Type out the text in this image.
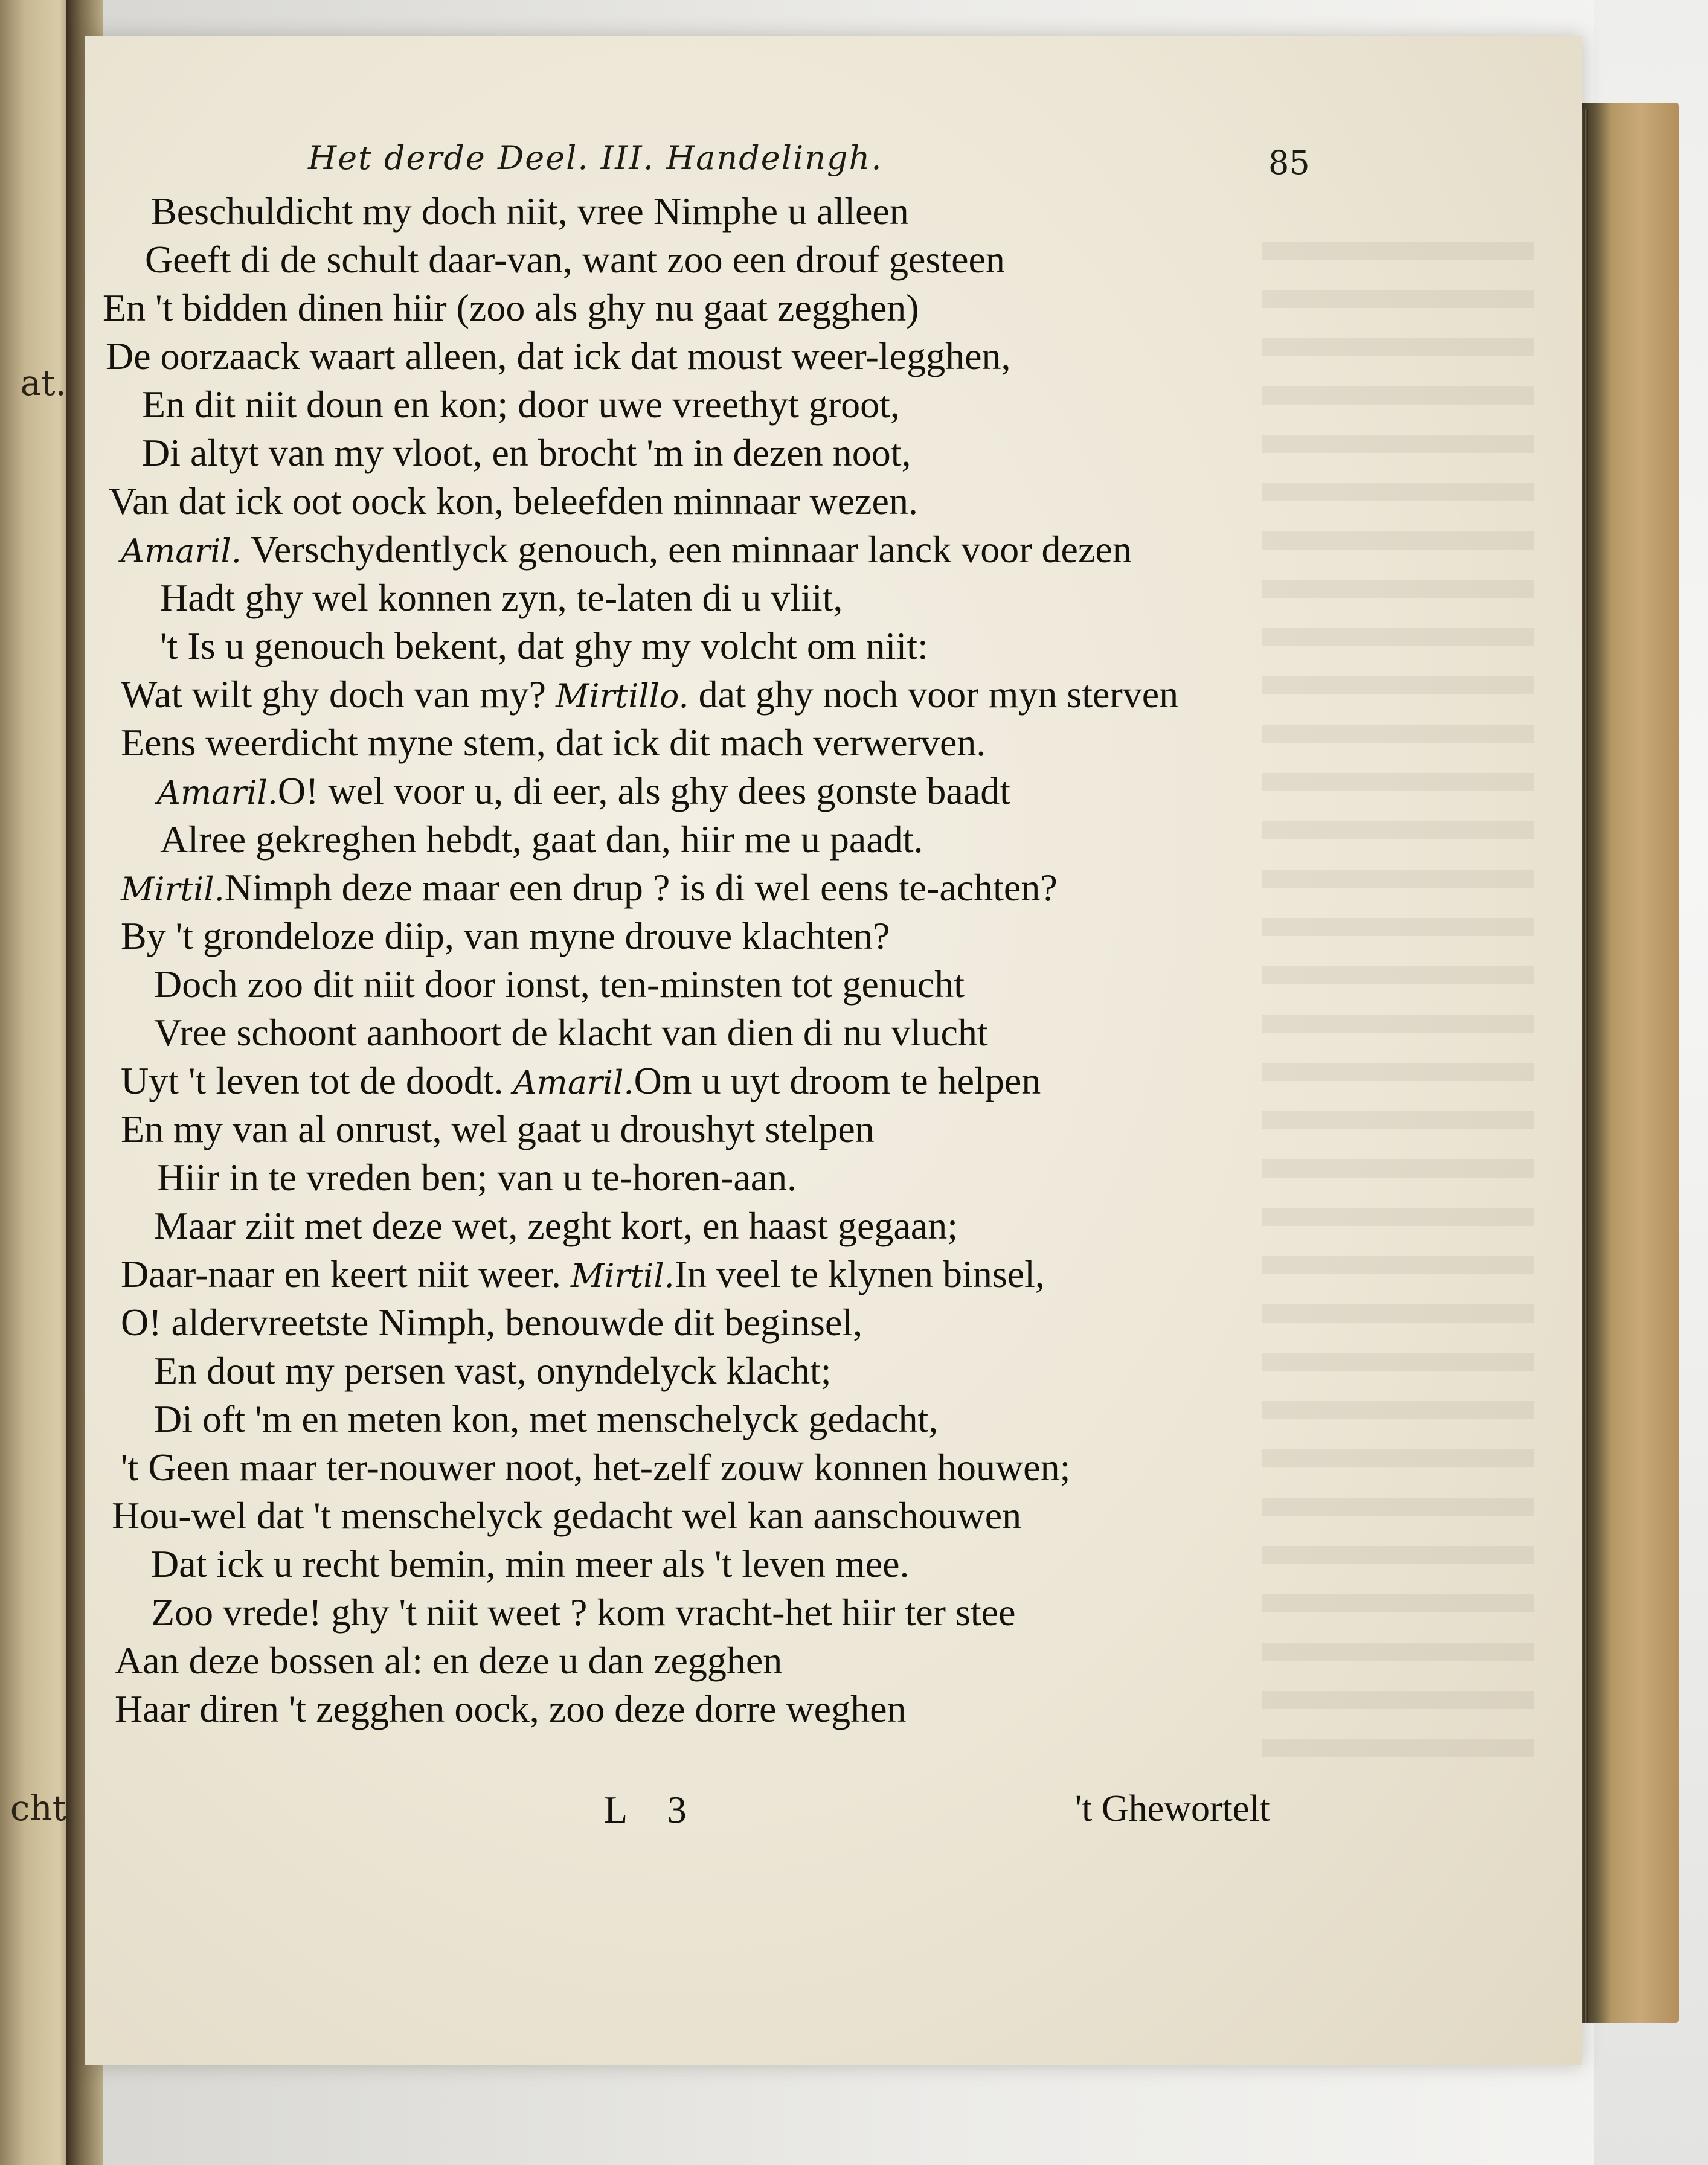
at.
cht
Het derde Deel. III. Handelingh.	85
Beschuldicht my doch niit, vree Nimphe u alleen
Geeft di de schult daar-van, want zoo een drouf gesteen
En 't bidden dinen hiir (zoo als ghy nu gaat zegghen)
De oorzaack waart alleen, dat ick dat moust weer-legghen,
En dit niit doun en kon; door uwe vreethyt groot,
Di altyt van my vloot, en brocht 'm in dezen noot,
Van dat ick oot oock kon, beleefden minnaar wezen.
Amaril. Verschydentlyck genouch, een minnaar lanck voor dezen
Hadt ghy wel konnen zyn, te-laten di u vliit,
't Is u genouch bekent, dat ghy my volcht om niit:
Wat wilt ghy doch van my? Mirtillo. dat ghy noch voor myn sterven
Eens weerdicht myne stem, dat ick dit mach verwerven.
Amaril.O! wel voor u, di eer, als ghy dees gonste baadt
Alree gekreghen hebdt, gaat dan, hiir me u paadt.
Mirtil.Nimph deze maar een drup ? is di wel eens te-achten?
By 't grondeloze diip, van myne drouve klachten?
Doch zoo dit niit door ionst, ten-minsten tot genucht
Vree schoont aanhoort de klacht van dien di nu vlucht
Uyt 't leven tot de doodt. Amaril.Om u uyt droom te helpen
En my van al onrust, wel gaat u droushyt stelpen
Hiir in te vreden ben; van u te-horen-aan.
Maar ziit met deze wet, zeght kort, en haast gegaan;
Daar-naar en keert niit weer. Mirtil.In veel te klynen binsel,
O! aldervreetste Nimph, benouwde dit beginsel,
En dout my persen vast, onyndelyck klacht;
Di oft 'm en meten kon, met menschelyck gedacht,
't Geen maar ter-nouwer noot, het-zelf zouw konnen houwen;
Hou-wel dat 't menschelyck gedacht wel kan aanschouwen
Dat ick u recht bemin, min meer als 't leven mee.
Zoo vrede! ghy 't niit weet ? kom vracht-het hiir ter stee
Aan deze bossen al: en deze u dan zegghen
Haar diren 't zegghen oock, zoo deze dorre weghen
L 3	't Ghewortelt
